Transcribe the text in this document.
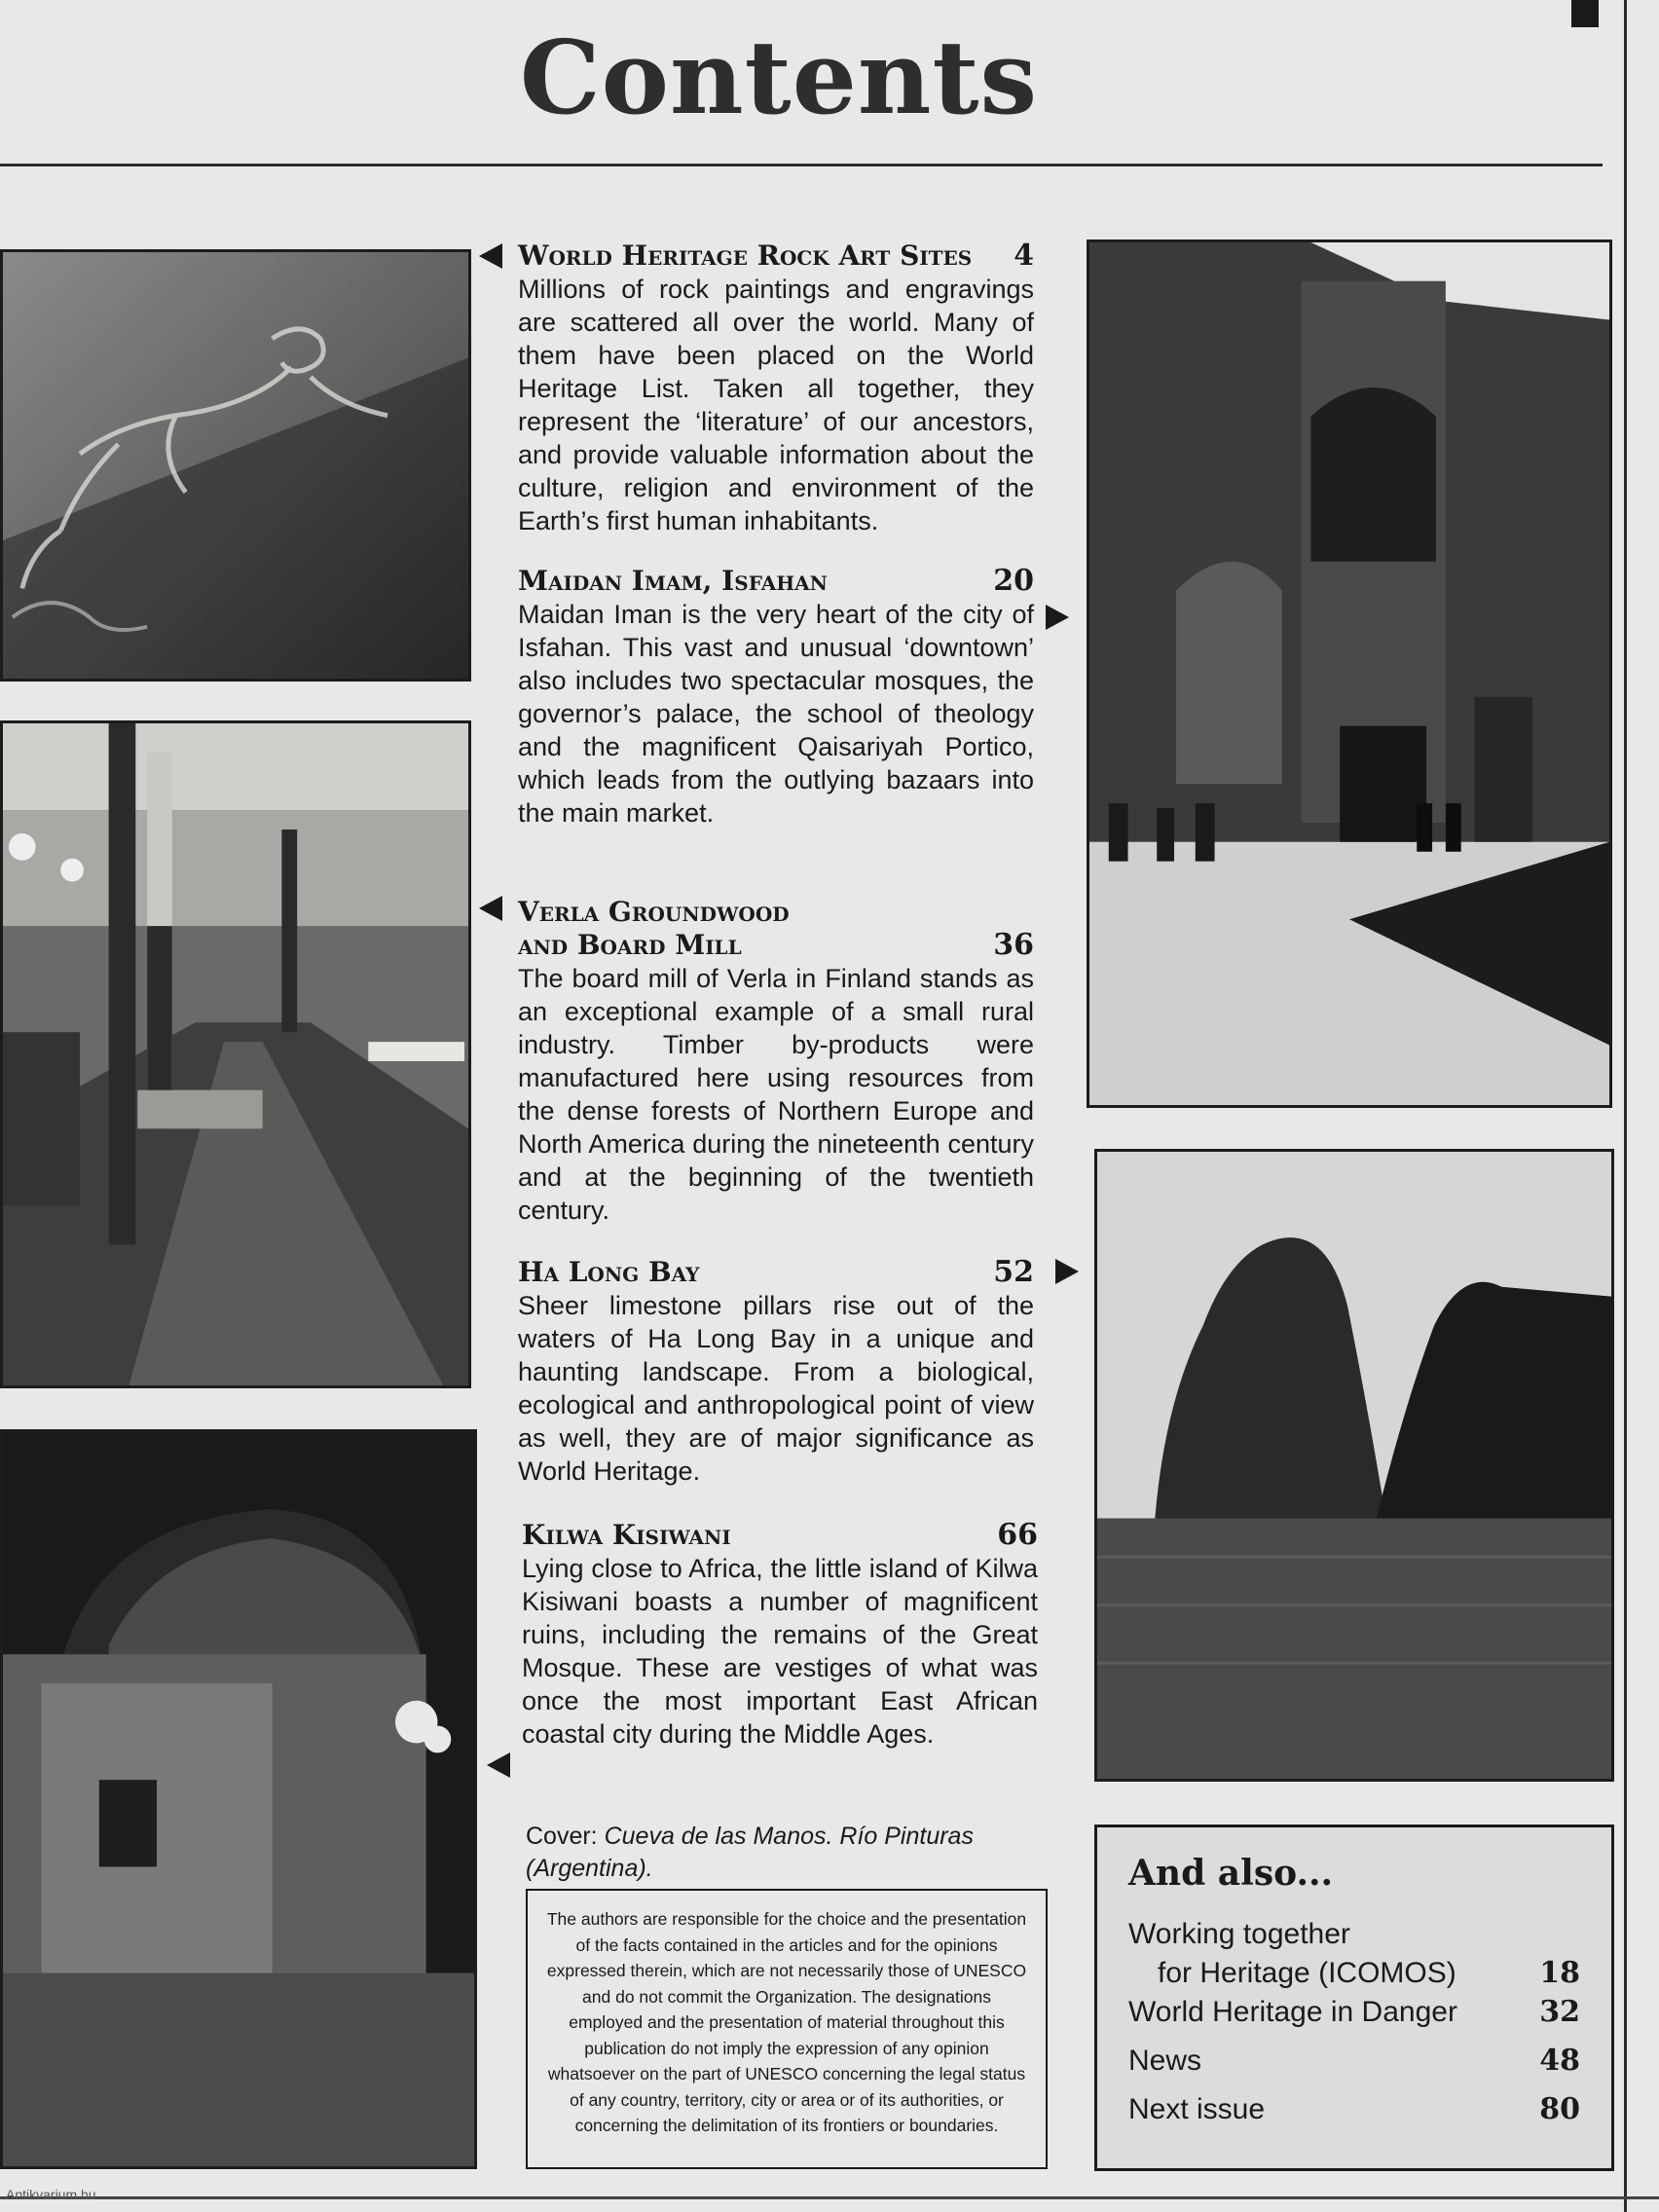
Contents
World Heritage Rock Art Sites 4

Millions of rock paintings and engravings are scattered all over the world. Many of them have been placed on the World Heritage List. Taken all together, they represent the ‘literature’ of our ancestors, and provide valuable information about the culture, religion and environment of the Earth’s first human inhabitants.

Maidan Imam, Isfahan	20

Maidan Iman is the very heart of the city of Isfahan. This vast and unusual ‘downtown’ also includes two spectacular mosques, the governor’s palace, the school of theology and the magnificent Qaisariyah Portico, which leads from the outlying bazaars into the main market.

Verla Groundwood
and Board Mill	36

The board mill of Verla in Finland stands as an exceptional example of a small rural industry. Timber by-products were manufactured here using resources from the dense forests of Northern Europe and North America during the nineteenth century and at the beginning of the twentieth century.

Ha Long Bay	52

Sheer limestone pillars rise out of the waters of Ha Long Bay in a unique and haunting landscape. From a biological, ecological and anthropological point of view as well, they are of major significance as World Heritage.

Kilwa Kisiwani	66

Lying close to Africa, the little island of Kilwa Kisiwani boasts a number of magnificent ruins, including the remains of the Great Mosque. These are vestiges of what was once the most important East African coastal city during the Middle Ages.

Cover: Cueva de las Manos. Río Pinturas (Argentina).
The authors are responsible for the choice and the presentation of the facts contained in the articles and for the opinions expressed therein, which are not necessarily those of UNESCO and do not commit the Organization. The designations employed and the presentation of material throughout this publication do not imply the expression of any opinion whatsoever on the part of UNESCO concerning the legal status of any country, territory, city or area or of its authorities, or concerning the delimitation of its frontiers or boundaries.
And also...
Working together
for Heritage (ICOMOS)	18
World Heritage in Danger	32
News	48
Next issue	80
Antikvarium.hu
